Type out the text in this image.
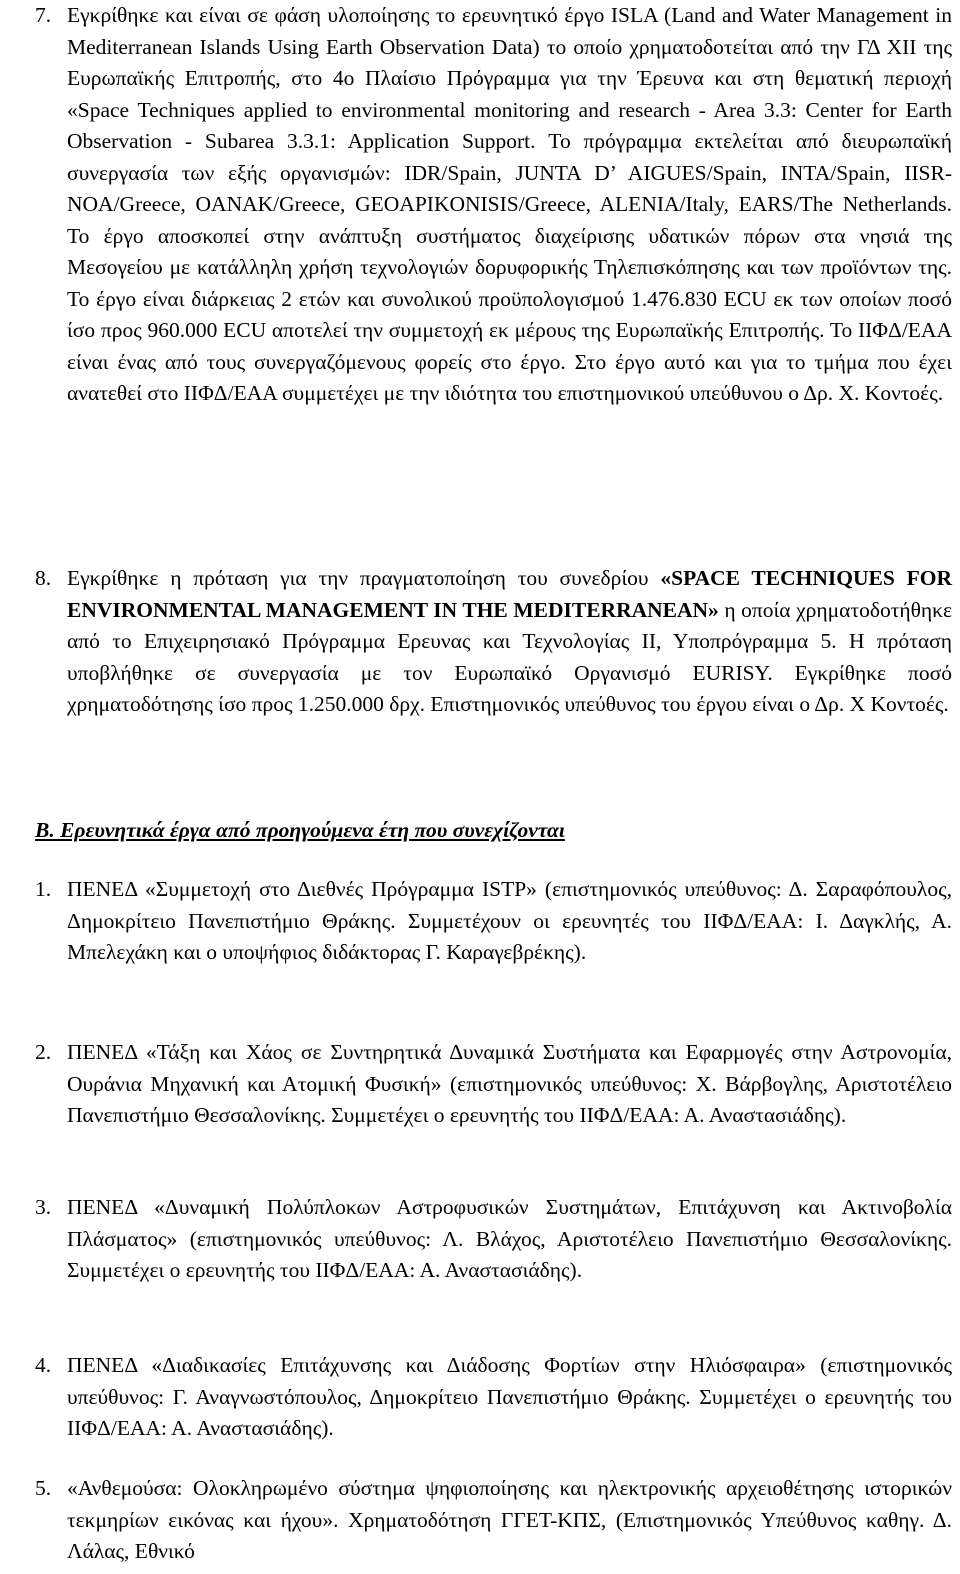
7. Εγκρίθηκε και είναι σε φάση υλοποίησης το ερευνητικό έργο ISLA (Land and Water Management in Mediterranean Islands Using Earth Observation Data) το οποίο χρηματοδοτείται από την ΓΔ XII της Ευρωπαϊκής Επιτροπής, στο 4ο Πλαίσιο Πρόγραμμα για την Έρευνα και στη θεματική περιοχή «Space Techniques applied to environmental monitoring and research - Area 3.3: Center for Earth Observation - Subarea 3.3.1: Application Support. Το πρόγραμμα εκτελείται από διευρωπαϊκή συνεργασία των εξής οργανισμών: IDR/Spain, JUNTA D’ AIGUES/Spain, INTA/Spain, IISR-NOA/Greece, OANAK/Greece, GEOAPIKONISIS/Greece, ALENIA/Italy, EARS/The Netherlands. Το έργο αποσκοπεί στην ανάπτυξη συστήματος διαχείρισης υδατικών πόρων στα νησιά της Μεσογείου με κατάλληλη χρήση τεχνολογιών δορυφορικής Τηλεπισκόπησης και των προϊόντων της. Το έργο είναι διάρκειας 2 ετών και συνολικού προϋπολογισμού 1.476.830 ECU εκ των οποίων ποσό ίσο προς 960.000 ECU αποτελεί την συμμετοχή εκ μέρους της Ευρωπαϊκής Επιτροπής. Το ΙΙΦΔ/ΕΑΑ είναι ένας από τους συνεργαζόμενους φορείς στο έργο. Στο έργο αυτό και για το τμήμα που έχει ανατεθεί στο ΙΙΦΔ/ΕΑΑ συμμετέχει με την ιδιότητα του επιστημονικού υπεύθυνου ο Δρ. Χ. Κοντοές.
8. Εγκρίθηκε η πρόταση για την πραγματοποίηση του συνεδρίου «SPACE TECHNIQUES FOR ENVIRONMENTAL MANAGEMENT IN THE MEDITERRANEAN» η οποία χρηματοδοτήθηκε από το Επιχειρησιακό Πρόγραμμα Ερευνας και Τεχνολογίας ΙΙ, Υποπρόγραμμα 5. Η πρόταση υποβλήθηκε σε συνεργασία με τον Ευρωπαϊκό Οργανισμό EURISY. Εγκρίθηκε ποσό χρηματοδότησης ίσο προς 1.250.000 δρχ. Επιστημονικός υπεύθυνος του έργου είναι ο Δρ. Χ Κοντοές.
Β. Ερευνητικά έργα από προηγούμενα έτη που συνεχίζονται
1. ΠΕΝΕΔ «Συμμετοχή στο Διεθνές Πρόγραμμα ISTP» (επιστημονικός υπεύθυνος: Δ. Σαραφόπουλος, Δημοκρίτειο Πανεπιστήμιο Θράκης. Συμμετέχουν οι ερευνητές του ΙΙΦΔ/ΕΑΑ: Ι. Δαγκλής, Α. Μπελεχάκη και ο υποψήφιος διδάκτορας Γ. Καραγεβρέκης).
2. ΠΕΝΕΔ «Τάξη και Χάος σε Συντηρητικά Δυναμικά Συστήματα και Εφαρμογές στην Αστρονομία, Ουράνια Μηχανική και Ατομική Φυσική» (επιστημονικός υπεύθυνος: Χ. Βάρβογλης, Αριστοτέλειο Πανεπιστήμιο Θεσσαλονίκης. Συμμετέχει ο ερευνητής του ΙΙΦΔ/ΕΑΑ: Α. Αναστασιάδης).
3. ΠΕΝΕΔ «Δυναμική Πολύπλοκων Αστροφυσικών Συστημάτων, Επιτάχυνση και Ακτινοβολία Πλάσματος» (επιστημονικός υπεύθυνος: Λ. Βλάχος, Αριστοτέλειο Πανεπιστήμιο Θεσσαλονίκης. Συμμετέχει ο ερευνητής του ΙΙΦΔ/ΕΑΑ: Α. Αναστασιάδης).
4. ΠΕΝΕΔ «Διαδικασίες Επιτάχυνσης και Διάδοσης Φορτίων στην Ηλιόσφαιρα» (επιστημονικός υπεύθυνος: Γ. Αναγνωστόπουλος, Δημοκρίτειο Πανεπιστήμιο Θράκης. Συμμετέχει ο ερευνητής του ΙΙΦΔ/ΕΑΑ: Α. Αναστασιάδης).
5. «Ανθεμούσα: Ολοκληρωμένο σύστημα ψηφιοποίησης και ηλεκτρονικής αρχειοθέτησης ιστορικών τεκμηρίων εικόνας και ήχου». Χρηματοδότηση ΓΓΕΤ-ΚΠΣ, (Επιστημονικός Υπεύθυνος καθηγ. Δ. Λάλας, Εθνικό
